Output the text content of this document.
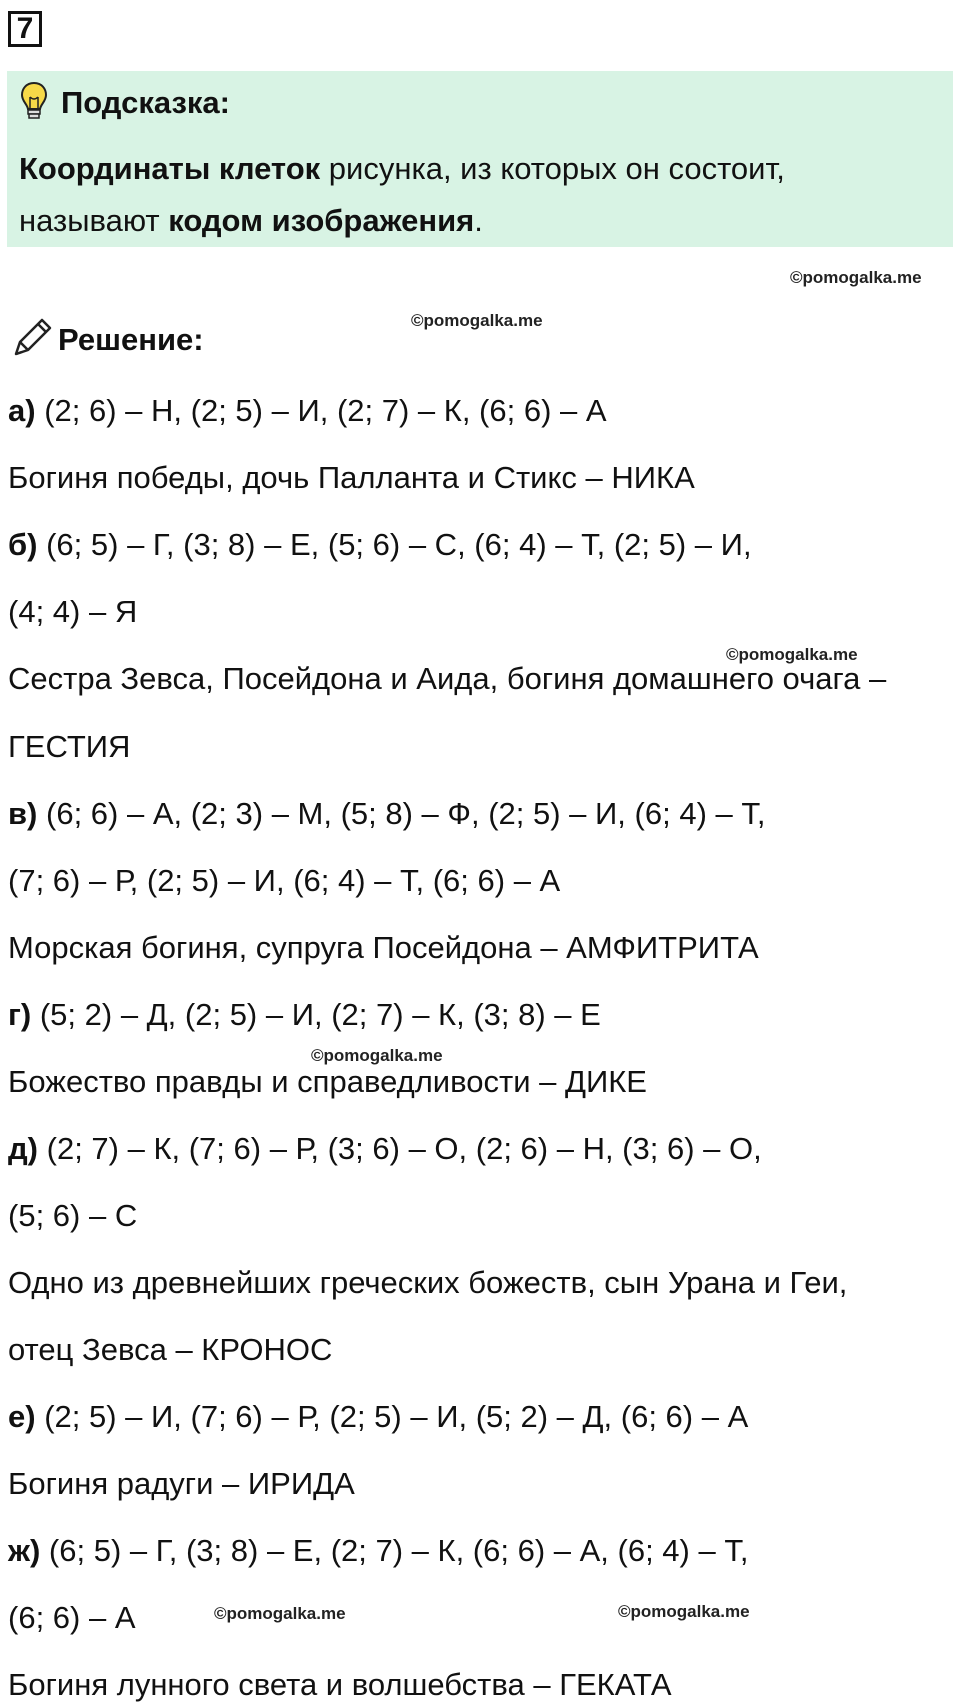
7
Подсказка:
Координаты клеток рисунка, из которых он состоит,
называют кодом изображения.
©pomogalka.me
©pomogalka.me
©pomogalka.me
©pomogalka.me
©pomogalka.me	©pomogalka.me
Решение:
а) (2; 6) – Н, (2; 5) – И, (2; 7) – К, (6; 6) – А
Богиня победы, дочь Палланта и Стикс – НИКА
б) (6; 5) – Г, (3; 8) – Е, (5; 6) – С, (6; 4) – Т, (2; 5) – И,
(4; 4) – Я
Сестра Зевса, Посейдона и Аида, богиня домашнего очага –
ГЕСТИЯ
в) (6; 6) – А, (2; 3) – М, (5; 8) – Ф, (2; 5) – И, (6; 4) – Т,
(7; 6) – Р, (2; 5) – И, (6; 4) – Т, (6; 6) – А
Морская богиня, супруга Посейдона – АМФИТРИТА
г) (5; 2) – Д, (2; 5) – И, (2; 7) – К, (3; 8) – Е
Божество правды и справедливости – ДИКЕ
д) (2; 7) – К, (7; 6) – Р, (3; 6) – О, (2; 6) – Н, (3; 6) – О,
(5; 6) – С
Одно из древнейших греческих божеств, сын Урана и Геи,
отец Зевса – КРОНОС
е) (2; 5) – И, (7; 6) – Р, (2; 5) – И, (5; 2) – Д, (6; 6) – А
Богиня радуги – ИРИДА
ж) (6; 5) – Г, (3; 8) – Е, (2; 7) – К, (6; 6) – А, (6; 4) – Т,
(6; 6) – А
Богиня лунного света и волшебства – ГЕКАТА
